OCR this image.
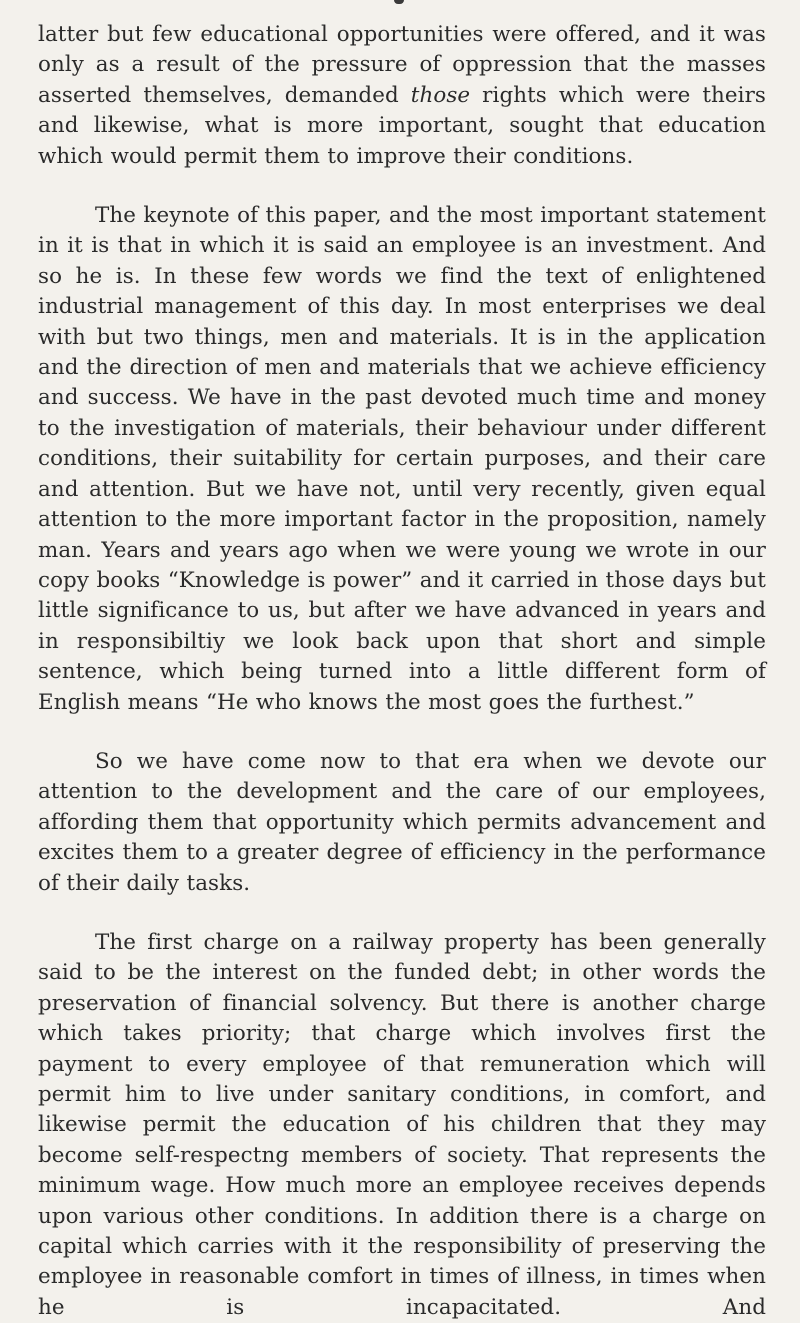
latter but few educational opportunities were offered, and it was only as a result of the pressure of oppression that the masses asserted themselves, demanded those rights which were theirs and likewise, what is more important, sought that education which would permit them to improve their conditions.

The keynote of this paper, and the most important statement in it is that in which it is said an employee is an investment. And so he is. In these few words we find the text of enlightened industrial management of this day. In most enterprises we deal with but two things, men and materials. It is in the application and the direction of men and materials that we achieve efficiency and success. We have in the past devoted much time and money to the investigation of materials, their behaviour under different conditions, their suitability for certain purposes, and their care and attention. But we have not, until very recently, given equal attention to the more important factor in the proposition, namely man. Years and years ago when we were young we wrote in our copy books “Knowledge is power” and it carried in those days but little significance to us, but after we have advanced in years and in responsibiltiy we look back upon that short and simple sentence, which being turned into a little different form of English means “He who knows the most goes the furthest.”

So we have come now to that era when we devote our attention to the development and the care of our employees, affording them that opportunity which permits advancement and excites them to a greater degree of efficiency in the performance of their daily tasks.

The first charge on a railway property has been generally said to be the interest on the funded debt; in other words the preservation of financial solvency. But there is another charge which takes priority; that charge which involves first the payment to every employee of that remuneration which will permit him to live under sanitary conditions, in comfort, and likewise permit the education of his children that they may become self-respectng members of society. That represents the minimum wage. How much more an employee receives depends upon various other conditions. In addition there is a charge on capital which carries with it the responsibility of preserving the employee in reasonable comfort in times of illness, in times when he is incapacitated. And
